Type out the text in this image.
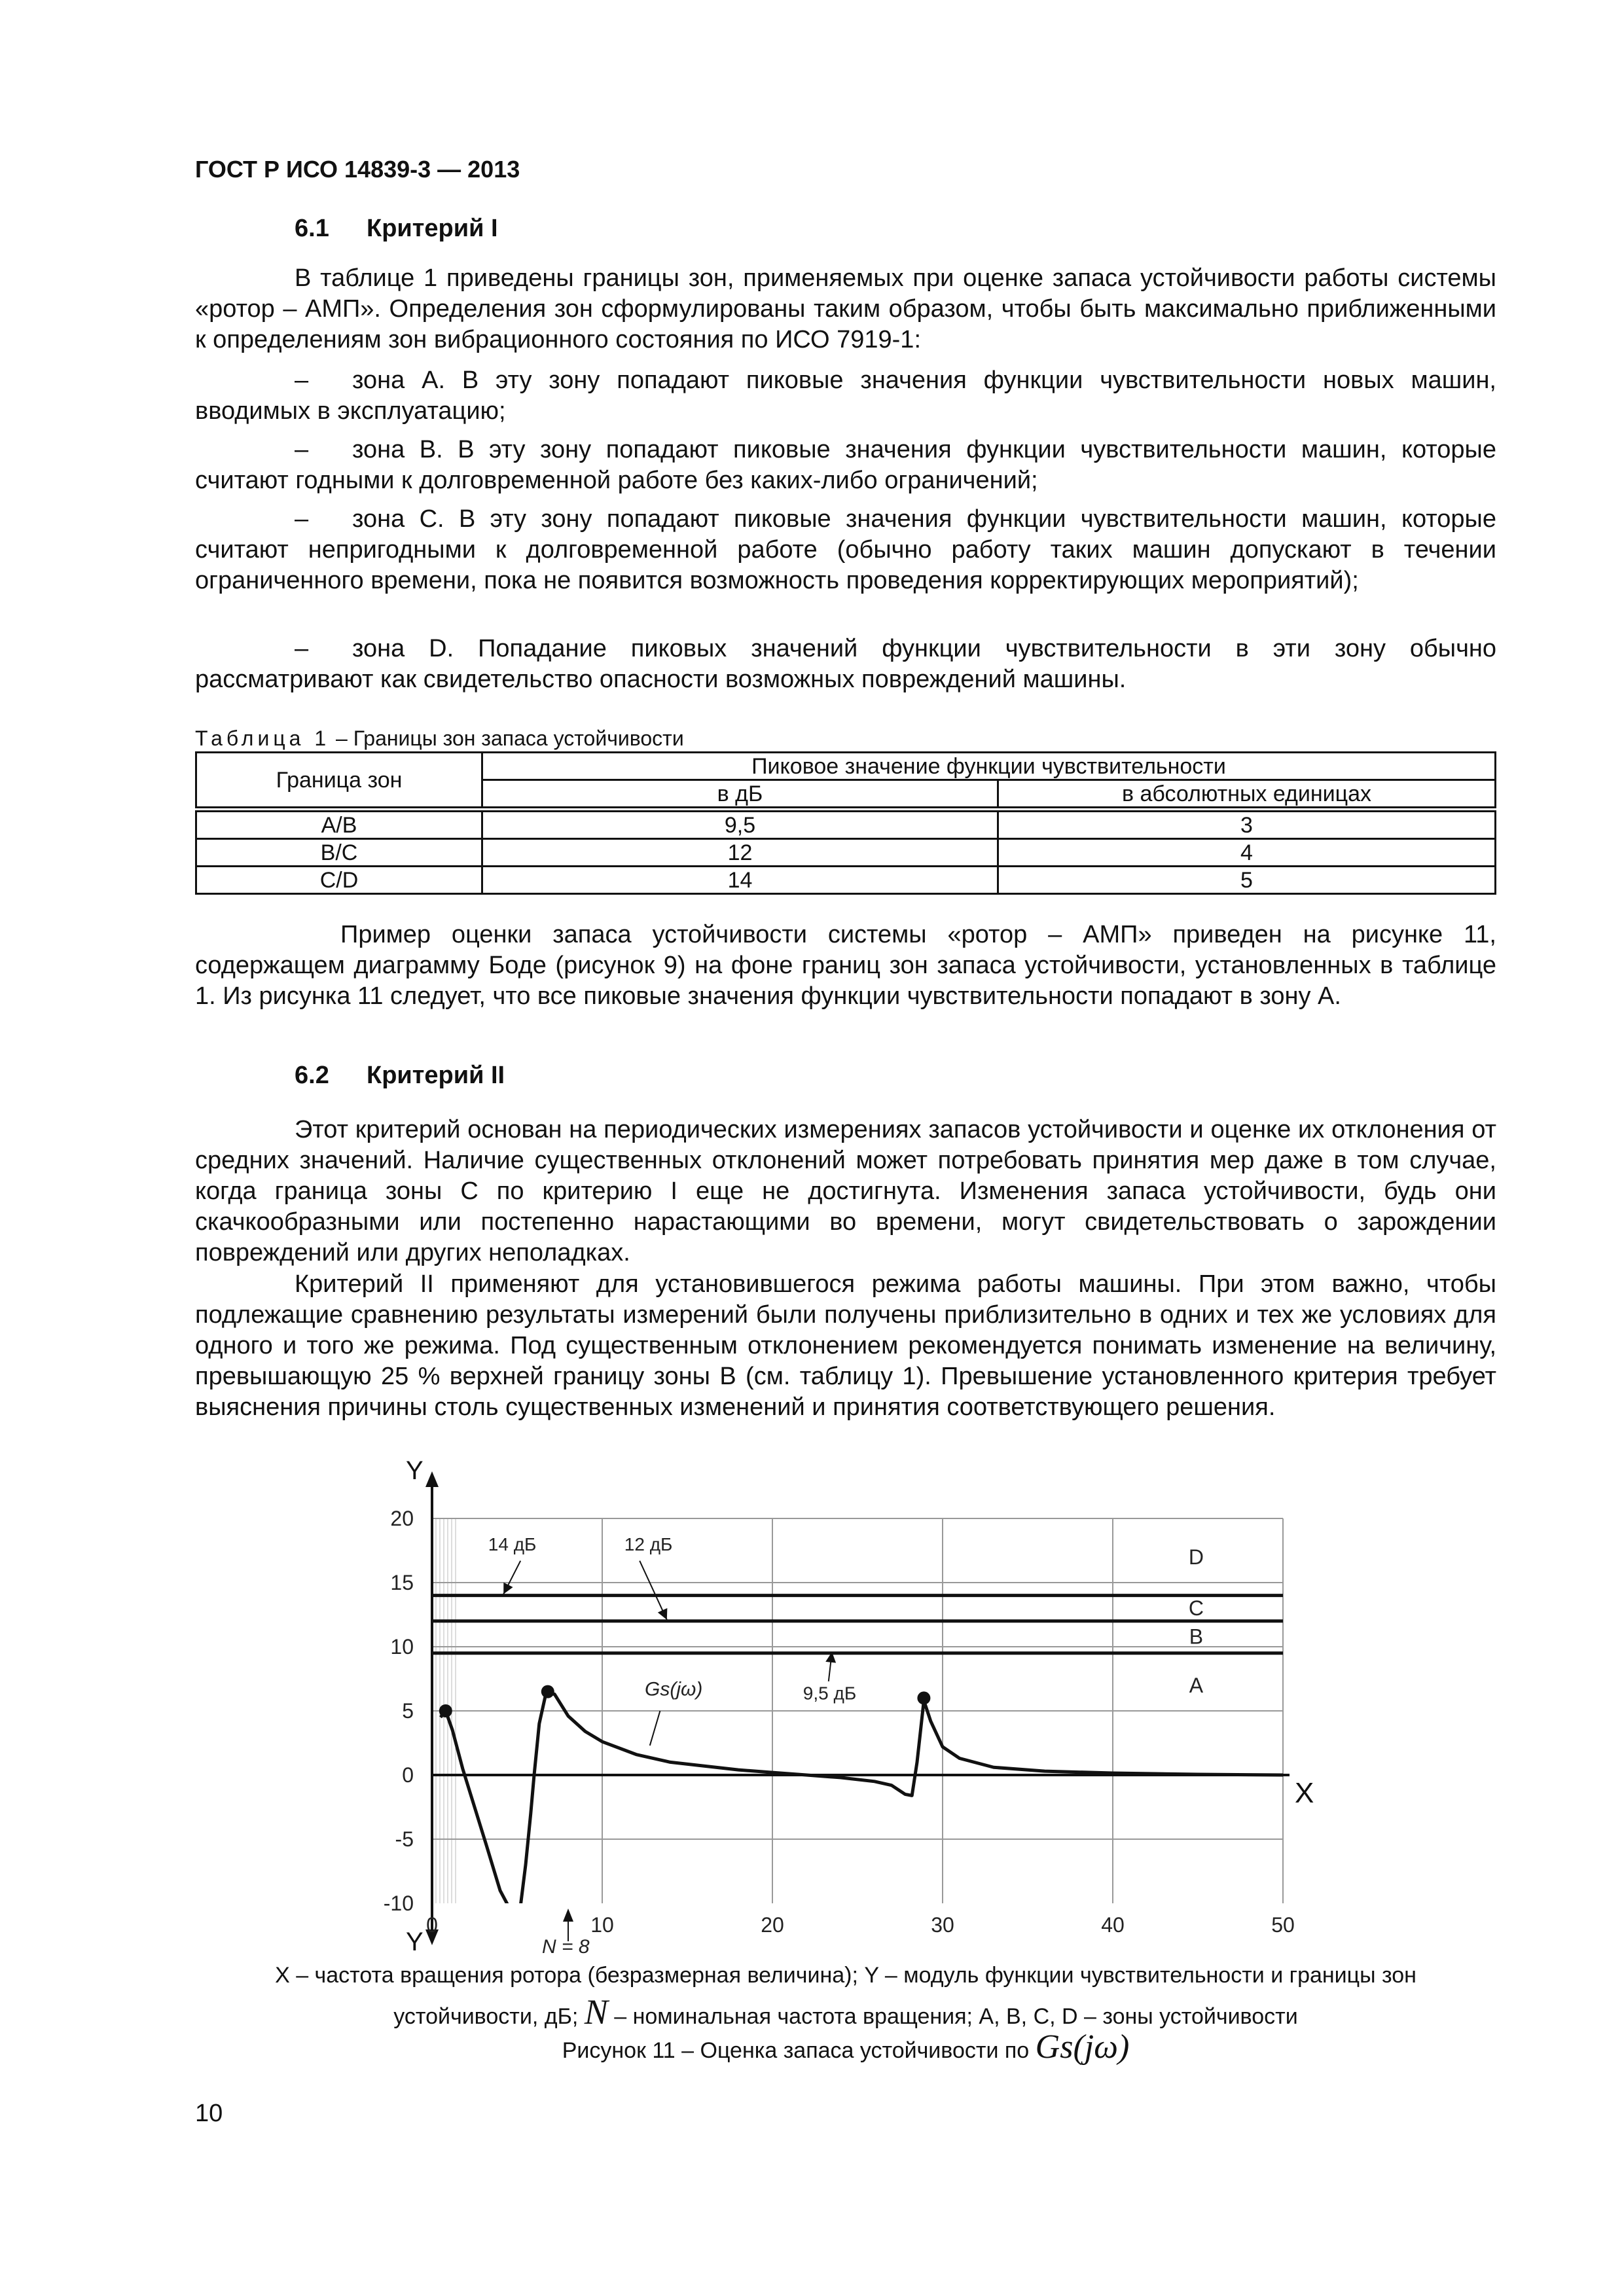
ГОСТ Р ИСО 14839-3 — 2013

6.1 Критерий I

В таблице 1 приведены границы зон, применяемых при оценке запаса устойчивости работы системы «ротор – АМП». Определения зон сформулированы таким образом, чтобы быть максимально приближенными к определениям зон вибрационного состояния по ИСО 7919-1:

– зона А. В эту зону попадают пиковые значения функции чувствительности новых машин, вводимых в эксплуатацию;

– зона В. В эту зону попадают пиковые значения функции чувствительности машин, которые считают годными к долговременной работе без каких-либо ограничений;

– зона С. В эту зону попадают пиковые значения функции чувствительности машин, которые считают непригодными к долговременной работе (обычно работу таких машин допускают в течении ограниченного времени, пока не появится возможность проведения корректирующих мероприятий);

– зона D. Попадание пиковых значений функции чувствительности в эти зону обычно рассматривают как свидетельство опасности возможных повреждений машины.

Таблица 1 – Границы зон запаса устойчивости

Граница зон	Пиковое значение функции чувствительности	
	в дБ	в абсолютных единицах
A/B	9,5	3
B/C	12	4
C/D	14	5

Пример оценки запаса устойчивости системы «ротор – АМП» приведен на рисунке 11, содержащем диаграмму Боде (рисунок 9) на фоне границ зон запаса устойчивости, установленных в таблице 1. Из рисунка 11 следует, что все пиковые значения функции чувствительности попадают в зону А.

6.2 Критерий II

Этот критерий основан на периодических измерениях запасов устойчивости и оценке их отклонения от средних значений. Наличие существенных отклонений может потребовать принятия мер даже в том случае, когда граница зоны С по критерию I еще не достигнута. Изменения запаса устойчивости, будь они скачкообразными или постепенно нарастающими во времени, могут свидетельствовать о зарождении повреждений или других неполадках.

Критерий II применяют для установившегося режима работы машины. При этом важно, чтобы подлежащие сравнению результаты измерений были получены приблизительно в одних и тех же условиях для одного и того же режима. Под существенным отклонением рекомендуется понимать изменение на величину, превышающую 25 % верхней границу зоны В (см. таблицу 1). Превышение установленного критерия требует выяснения причины столь существенных изменений и принятия соответствующего решения.

Y
Y
X
20
15
10
5
0
-5
-10
0	10	20	30	40	50
D
C
B
A
14 дБ	12 дБ
9,5 дБ
N = 8
Gs(jω)

X – частота вращения ротора (безразмерная величина); Y – модуль функции чувствительности и границы зон
устойчивости, дБ; N – номинальная частота вращения; A, B, C, D – зоны устойчивости

Рисунок 11 – Оценка запаса устойчивости по Gs(jω)

10
